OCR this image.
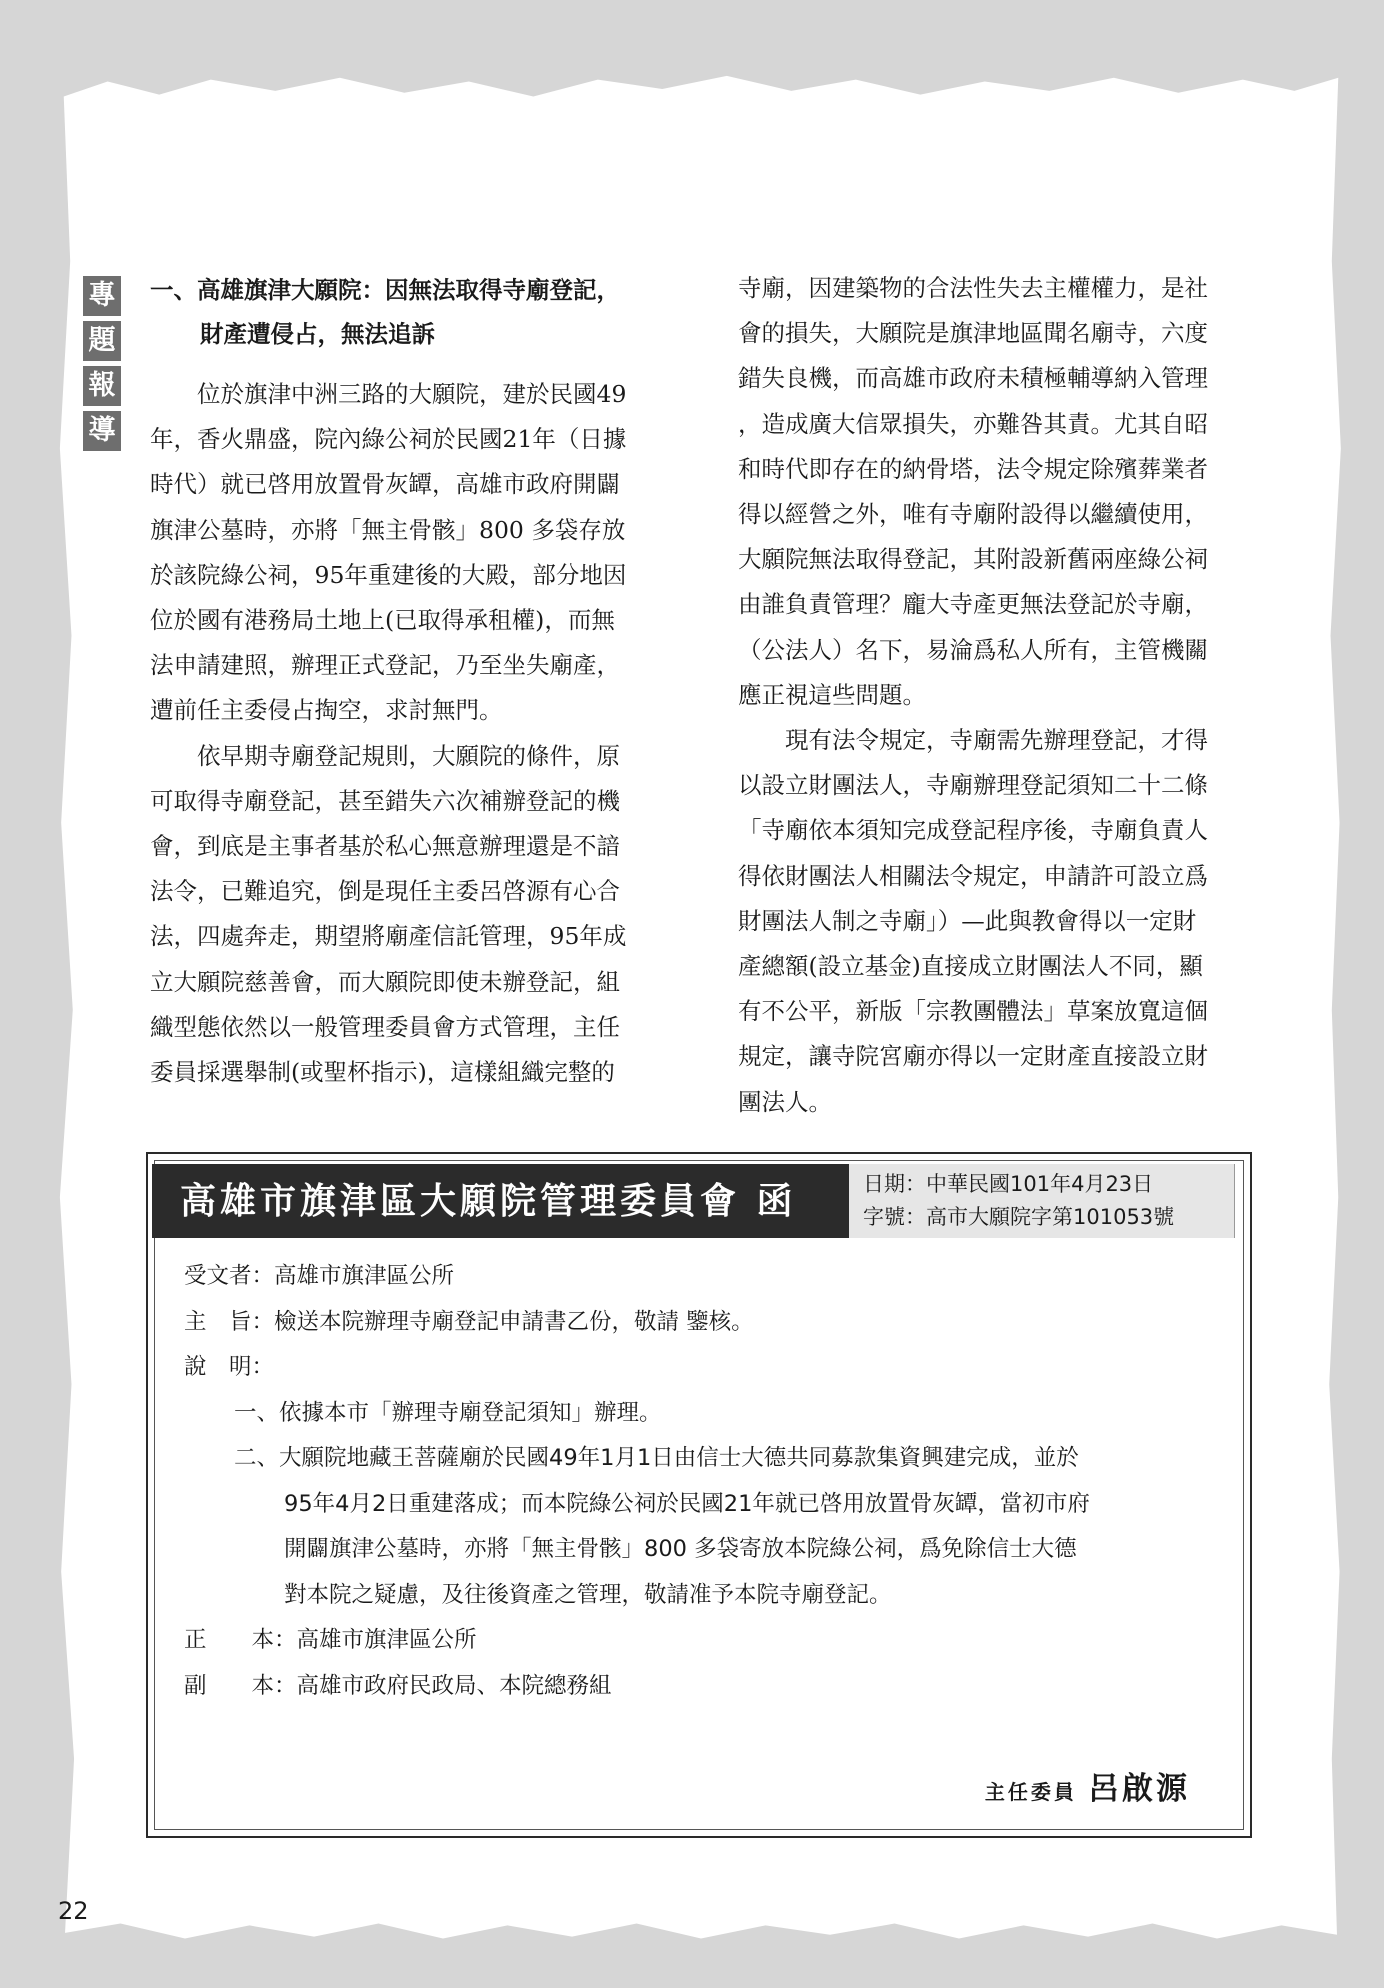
專
題
報
導
一、高雄旗津大願院：因無法取得寺廟登記，
財產遭侵占，無法追訴
位於旗津中洲三路的大願院，建於民國49
年，香火鼎盛，院內綠公祠於民國21年（日據
時代）就已啓用放置骨灰罈，高雄市政府開闢
旗津公墓時，亦將「無主骨骸」800 多袋存放
於該院綠公祠，95年重建後的大殿，部分地因
位於國有港務局土地上(已取得承租權)，而無
法申請建照，辦理正式登記，乃至坐失廟產，
遭前任主委侵占掏空，求討無門。
依早期寺廟登記規則，大願院的條件，原
可取得寺廟登記，甚至錯失六次補辦登記的機
會，到底是主事者基於私心無意辦理還是不諳
法令，已難追究，倒是現任主委呂啓源有心合
法，四處奔走，期望將廟產信託管理，95年成
立大願院慈善會，而大願院即使未辦登記，組
織型態依然以一般管理委員會方式管理，主任
委員採選舉制(或聖杯指示)，這樣組織完整的
寺廟，因建築物的合法性失去主權權力，是社
會的損失，大願院是旗津地區聞名廟寺，六度
錯失良機，而高雄市政府未積極輔導納入管理
，造成廣大信眾損失，亦難咎其責。尤其自昭
和時代即存在的納骨塔，法令規定除殯葬業者
得以經營之外，唯有寺廟附設得以繼續使用，
大願院無法取得登記，其附設新舊兩座綠公祠
由誰負責管理？龐大寺產更無法登記於寺廟，
（公法人）名下，易淪爲私人所有，主管機關
應正視這些問題。
現有法令規定，寺廟需先辦理登記，才得
以設立財團法人，寺廟辦理登記須知二十二條
「寺廟依本須知完成登記程序後，寺廟負責人
得依財團法人相關法令規定，申請許可設立爲
財團法人制之寺廟」）—此與教會得以一定財
產總額(設立基金)直接成立財團法人不同，顯
有不公平，新版「宗教團體法」草案放寬這個
規定，讓寺院宮廟亦得以一定財產直接設立財
團法人。
高雄市旗津區大願院管理委員會 函	日期：中華民國101年4月23日
字號：高市大願院字第101053號
受文者：高雄市旗津區公所
主　旨：檢送本院辦理寺廟登記申請書乙份，敬請 鑒核。
說　明：
一、依據本市「辦理寺廟登記須知」辦理。
二、大願院地藏王菩薩廟於民國49年1月1日由信士大德共同募款集資興建完成，並於
95年4月2日重建落成；而本院綠公祠於民國21年就已啓用放置骨灰罈，當初市府
開闢旗津公墓時，亦將「無主骨骸」800 多袋寄放本院綠公祠，爲免除信士大德
對本院之疑慮，及往後資產之管理，敬請准予本院寺廟登記。
正　　本：高雄市旗津區公所
副　　本：高雄市政府民政局、本院總務組
主任委員 呂啟源
22
